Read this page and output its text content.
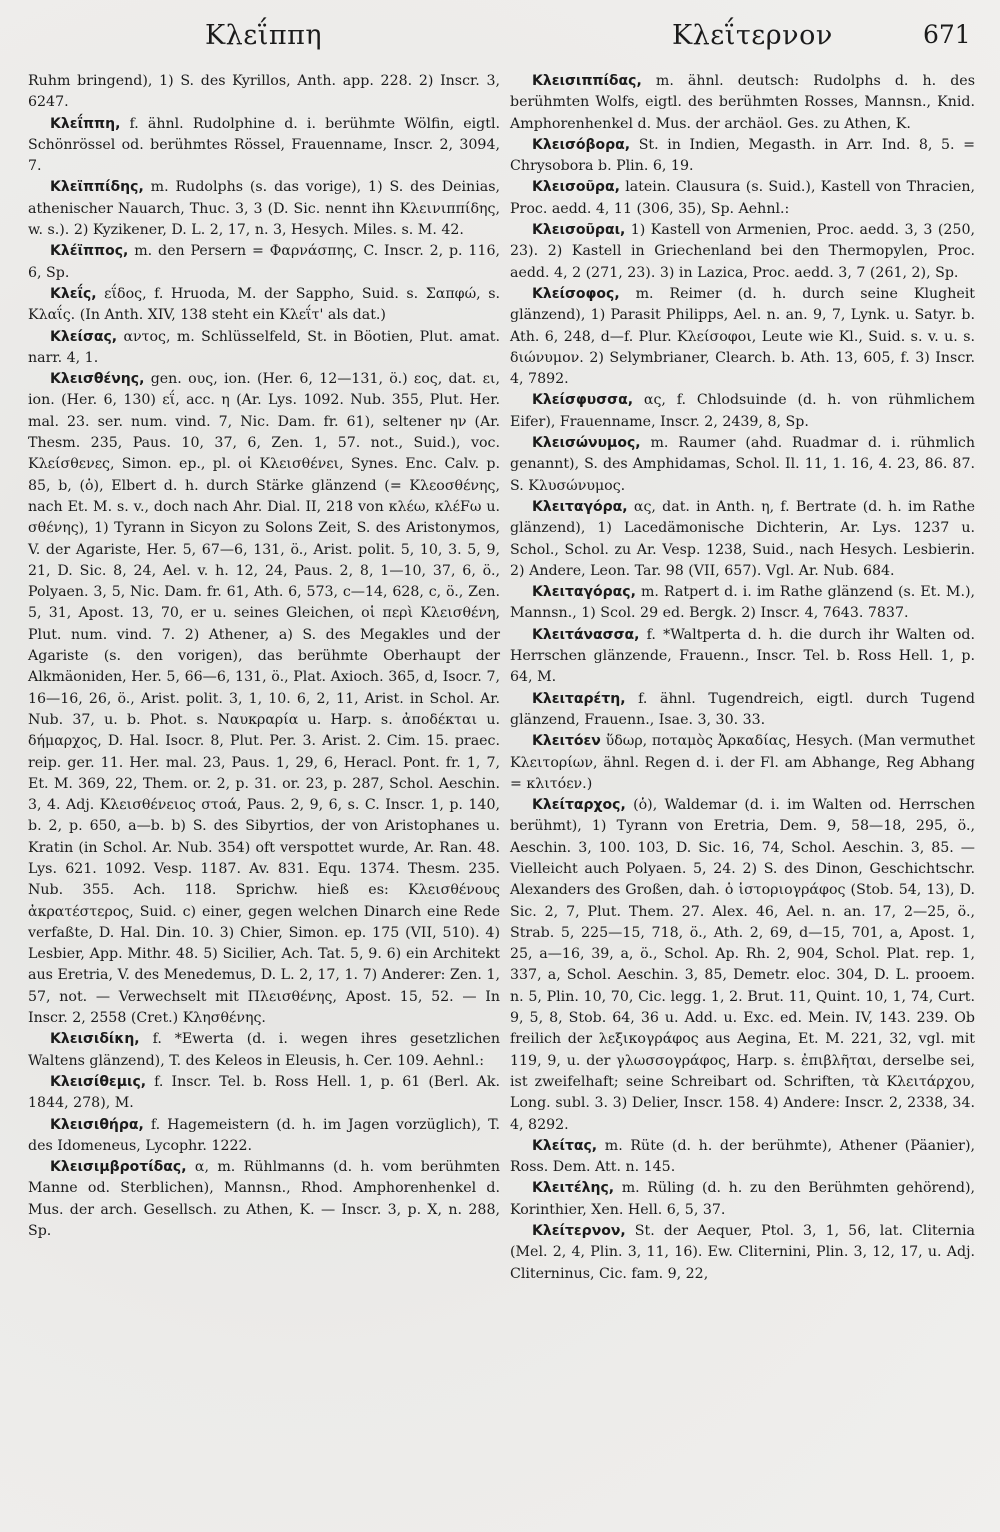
Κλεΐππη	Κλεΐτερνον	671

Ruhm bringend), 1) S. des Kyrillos, Anth. app. 228. 2) Inscr. 3, 6247.

Κλεΐππη, f. ähnl. Rudolphine d. i. berühmte Wölfin, eigtl. Schönrössel od. berühmtes Rössel, Frauenname, Inscr. 2, 3094, 7.

Κλεϊππίδης, m. Rudolphs (s. das vorige), 1) S. des Deinias, athenischer Nauarch, Thuc. 3, 3 (D. Sic. nennt ihn Κλεινιππίδης, w. s.). 2) Kyzikener, D. L. 2, 17, n. 3, Hesych. Miles. s. M. 42.

Κλέϊππος, m. den Persern = Φαρνάσπης, C. Inscr. 2, p. 116, 6, Sp.

Κλεΐς, εΐδος, f. Hruoda, M. der Sappho, Suid. s. Σαπφώ, s. Κλαΐς. (In Anth. XIV, 138 steht ein Κλεΐτ' als dat.)

Κλείσας, αντος, m. Schlüsselfeld, St. in Böotien, Plut. amat. narr. 4, 1.

Κλεισθένης, gen. ους, ion. (Her. 6, 12—131, ö.) εος, dat. ει, ion. (Her. 6, 130) εΐ, acc. η (Ar. Lys. 1092. Nub. 355, Plut. Her. mal. 23. ser. num. vind. 7, Nic. Dam. fr. 61), seltener ην (Ar. Thesm. 235, Paus. 10, 37, 6, Zen. 1, 57. not., Suid.), voc. Κλείσθενες, Simon. ep., pl. οἱ Κλεισθένει, Synes. Enc. Calv. p. 85, b, (ὁ), Elbert d. h. durch Stärke glänzend (= Κλεοσθένης, nach Et. M. s. v., doch nach Ahr. Dial. II, 218 von κλέω, κλέFω u. σθένης), 1) Tyrann in Sicyon zu Solons Zeit, S. des Aristonymos, V. der Agariste, Her. 5, 67—6, 131, ö., Arist. polit. 5, 10, 3. 5, 9, 21, D. Sic. 8, 24, Ael. v. h. 12, 24, Paus. 2, 8, 1—10, 37, 6, ö., Polyaen. 3, 5, Nic. Dam. fr. 61, Ath. 6, 573, c—14, 628, c, ö., Zen. 5, 31, Apost. 13, 70, er u. seines Gleichen, οἱ περὶ Κλεισθένη, Plut. num. vind. 7. 2) Athener, a) S. des Megakles und der Agariste (s. den vorigen), das berühmte Oberhaupt der Alkmäoniden, Her. 5, 66—6, 131, ö., Plat. Axioch. 365, d, Isocr. 7, 16—16, 26, ö., Arist. polit. 3, 1, 10. 6, 2, 11, Arist. in Schol. Ar. Nub. 37, u. b. Phot. s. Ναυκραρία u. Harp. s. ἀποδέκται u. δήμαρχος, D. Hal. Isocr. 8, Plut. Per. 3. Arist. 2. Cim. 15. praec. reip. ger. 11. Her. mal. 23, Paus. 1, 29, 6, Heracl. Pont. fr. 1, 7, Et. M. 369, 22, Them. or. 2, p. 31. or. 23, p. 287, Schol. Aeschin. 3, 4. Adj. Κλεισθένειος στοά, Paus. 2, 9, 6, s. C. Inscr. 1, p. 140, b. 2, p. 650, a—b. b) S. des Sibyrtios, der von Aristophanes u. Kratin (in Schol. Ar. Nub. 354) oft verspottet wurde, Ar. Ran. 48. Lys. 621. 1092. Vesp. 1187. Av. 831. Equ. 1374. Thesm. 235. Nub. 355. Ach. 118. Sprichw. hieß es: Κλεισθένους ἀκρατέστερος, Suid. c) einer, gegen welchen Dinarch eine Rede verfaßte, D. Hal. Din. 10. 3) Chier, Simon. ep. 175 (VII, 510). 4) Lesbier, App. Mithr. 48. 5) Sicilier, Ach. Tat. 5, 9. 6) ein Architekt aus Eretria, V. des Menedemus, D. L. 2, 17, 1. 7) Anderer: Zen. 1, 57, not. — Verwechselt mit Πλεισθένης, Apost. 15, 52. — In Inscr. 2, 2558 (Cret.) Κλησθένης.

Κλεισιδίκη, f. *Ewerta (d. i. wegen ihres gesetzlichen Waltens glänzend), T. des Keleos in Eleusis, h. Cer. 109. Aehnl.:

Κλεισίθεμις, f. Inscr. Tel. b. Ross Hell. 1, p. 61 (Berl. Ak. 1844, 278), M.

Κλεισιθήρα, f. Hagemeistern (d. h. im Jagen vorzüglich), T. des Idomeneus, Lycophr. 1222.

Κλεισιμβροτίδας, α, m. Rühlmanns (d. h. vom berühmten Manne od. Sterblichen), Mannsn., Rhod. Amphorenhenkel d. Mus. der arch. Gesellsch. zu Athen, K. — Inscr. 3, p. X, n. 288, Sp.

Κλεισιππίδας, m. ähnl. deutsch: Rudolphs d. h. des berühmten Wolfs, eigtl. des berühmten Rosses, Mannsn., Knid. Amphorenhenkel d. Mus. der archäol. Ges. zu Athen, K.

Κλεισόβορα, St. in Indien, Megasth. in Arr. Ind. 8, 5. = Chrysobora b. Plin. 6, 19.

Κλεισοῦρα, latein. Clausura (s. Suid.), Kastell von Thracien, Proc. aedd. 4, 11 (306, 35), Sp. Aehnl.:

Κλεισοῦραι, 1) Kastell von Armenien, Proc. aedd. 3, 3 (250, 23). 2) Kastell in Griechenland bei den Thermopylen, Proc. aedd. 4, 2 (271, 23). 3) in Lazica, Proc. aedd. 3, 7 (261, 2), Sp.

Κλείσοφος, m. Reimer (d. h. durch seine Klugheit glänzend), 1) Parasit Philipps, Ael. n. an. 9, 7, Lynk. u. Satyr. b. Ath. 6, 248, d—f. Plur. Κλείσοφοι, Leute wie Kl., Suid. s. v. u. s. διώνυμον. 2) Selymbrianer, Clearch. b. Ath. 13, 605, f. 3) Inscr. 4, 7892.

Κλείσφυσσα, ας, f. Chlodsuinde (d. h. von rühmlichem Eifer), Frauenname, Inscr. 2, 2439, 8, Sp.

Κλεισώνυμος, m. Raumer (ahd. Ruadmar d. i. rühmlich genannt), S. des Amphidamas, Schol. Il. 11, 1. 16, 4. 23, 86. 87. S. Κλυσώνυμος.

Κλειταγόρα, ας, dat. in Anth. η, f. Bertrate (d. h. im Rathe glänzend), 1) Lacedämonische Dichterin, Ar. Lys. 1237 u. Schol., Schol. zu Ar. Vesp. 1238, Suid., nach Hesych. Lesbierin. 2) Andere, Leon. Tar. 98 (VII, 657). Vgl. Ar. Nub. 684.

Κλειταγόρας, m. Ratpert d. i. im Rathe glänzend (s. Et. M.), Mannsn., 1) Scol. 29 ed. Bergk. 2) Inscr. 4, 7643. 7837.

Κλειτάνασσα, f. *Waltperta d. h. die durch ihr Walten od. Herrschen glänzende, Frauenn., Inscr. Tel. b. Ross Hell. 1, p. 64, M.

Κλειταρέτη, f. ähnl. Tugendreich, eigtl. durch Tugend glänzend, Frauenn., Isae. 3, 30. 33.

Κλειτόεν ὕδωρ, ποταμὸς Ἀρκαδίας, Hesych. (Man vermuthet Κλειτορίων, ähnl. Regen d. i. der Fl. am Abhange, Reg Abhang = κλιτόεν.)

Κλείταρχος, (ὁ), Waldemar (d. i. im Walten od. Herrschen berühmt), 1) Tyrann von Eretria, Dem. 9, 58—18, 295, ö., Aeschin. 3, 100. 103, D. Sic. 16, 74, Schol. Aeschin. 3, 85. — Vielleicht auch Polyaen. 5, 24. 2) S. des Dinon, Geschichtschr. Alexanders des Großen, dah. ὁ ἱστοριογράφος (Stob. 54, 13), D. Sic. 2, 7, Plut. Them. 27. Alex. 46, Ael. n. an. 17, 2—25, ö., Strab. 5, 225—15, 718, ö., Ath. 2, 69, d—15, 701, a, Apost. 1, 25, a—16, 39, a, ö., Schol. Ap. Rh. 2, 904, Schol. Plat. rep. 1, 337, a, Schol. Aeschin. 3, 85, Demetr. eloc. 304, D. L. prooem. n. 5, Plin. 10, 70, Cic. legg. 1, 2. Brut. 11, Quint. 10, 1, 74, Curt. 9, 5, 8, Stob. 64, 36 u. Add. u. Exc. ed. Mein. IV, 143. 239. Ob freilich der λεξικογράφος aus Aegina, Et. M. 221, 32, vgl. mit 119, 9, u. der γλωσσογράφος, Harp. s. ἐπιβλῆται, derselbe sei, ist zweifelhaft; seine Schreibart od. Schriften, τὰ Κλειτάρχου, Long. subl. 3. 3) Delier, Inscr. 158. 4) Andere: Inscr. 2, 2338, 34. 4, 8292.

Κλείτας, m. Rüte (d. h. der berühmte), Athener (Päanier), Ross. Dem. Att. n. 145.

Κλειτέλης, m. Rüling (d. h. zu den Berühmten gehörend), Korinthier, Xen. Hell. 6, 5, 37.

Κλείτερνον, St. der Aequer, Ptol. 3, 1, 56, lat. Cliternia (Mel. 2, 4, Plin. 3, 11, 16). Ew. Cliternini, Plin. 3, 12, 17, u. Adj. Cliterninus, Cic. fam. 9, 22,
